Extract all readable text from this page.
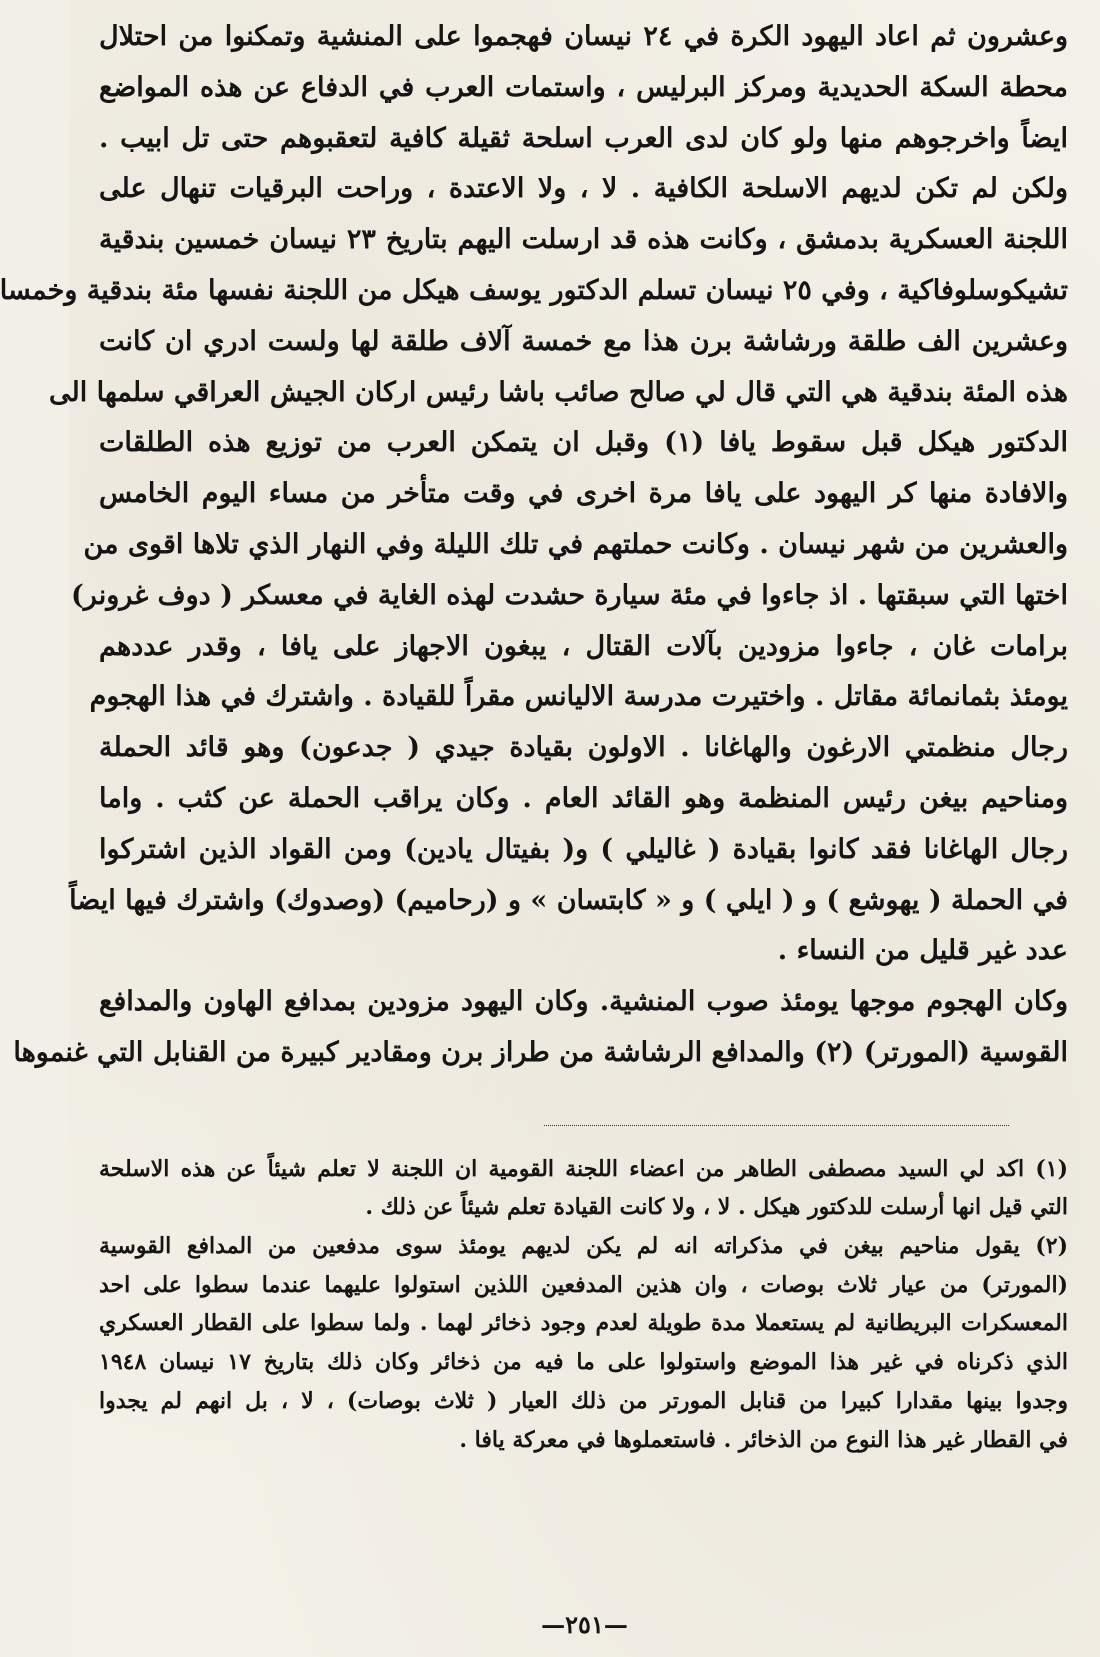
وعشرون ثم اعاد اليهود الكرة في ٢٤ نيسان فهجموا على المنشية وتمكنوا من احتلال
محطة السكة الحديدية ومركز البرليس ، واستمات العرب في الدفاع عن هذه المواضع
ايضاً واخرجوهم منها ولو كان لدى العرب اسلحة ثقيلة كافية لتعقبوهم حتى تل ابيب .
ولكن لم تكن لديهم الاسلحة الكافية . لا ، ولا الاعتدة ، وراحت البرقيات تنهال على
اللجنة العسكرية بدمشق ، وكانت هذه قد ارسلت اليهم بتاريخ ٢٣ نيسان خمسين بندقية
تشيكوسلوفاكية ، وفي ٢٥ نيسان تسلم الدكتور يوسف هيكل من اللجنة نفسها مئة بندقية وخمسا
وعشرين الف طلقة ورشاشة برن هذا مع خمسة آلاف طلقة لها ولست ادري ان كانت
هذه المئة بندقية هي التي قال لي صالح صائب باشا رئيس اركان الجيش العراقي سلمها الى
الدكتور هيكل قبل سقوط يافا (١) وقبل ان يتمكن العرب من توزيع هذه الطلقات
والافادة منها كر اليهود على يافا مرة اخرى في وقت متأخر من مساء اليوم الخامس
والعشرين من شهر نيسان . وكانت حملتهم في تلك الليلة وفي النهار الذي تلاها اقوى من
اختها التي سبقتها . اذ جاءوا في مئة سيارة حشدت لهذه الغاية في معسكر ( دوف غرونر)
برامات غان ، جاءوا مزودين بآلات القتال ، يبغون الاجهاز على يافا ، وقدر عددهم
يومئذ بثمانمائة مقاتل . واختيرت مدرسة الاليانس مقراً للقيادة . واشترك في هذا الهجوم
رجال منظمتي الارغون والهاغانا . الاولون بقيادة جيدي ( جدعون) وهو قائد الحملة
ومناحيم بيغن رئيس المنظمة وهو القائد العام . وكان يراقب الحملة عن كثب . واما
رجال الهاغانا فقد كانوا بقيادة ( غاليلي ) و( بفيتال يادين) ومن القواد الذين اشتركوا
في الحملة ( يهوشع ) و ( ايلي ) و « كابتسان » و (رحاميم) (وصدوك) واشترك فيها ايضاً
عدد غير قليل من النساء .
وكان الهجوم موجها يومئذ صوب المنشية. وكان اليهود مزودين بمدافع الهاون والمدافع
القوسية (المورتر) (٢) والمدافع الرشاشة من طراز برن ومقادير كبيرة من القنابل التي غنموها
(١) اكد لي السيد مصطفى الطاهر من اعضاء اللجنة القومية ان اللجنة لا تعلم شيئاً عن هذه الاسلحة
التي قيل انها أرسلت للدكتور هيكل . لا ، ولا كانت القيادة تعلم شيئاً عن ذلك .
(٢) يقول مناحيم بيغن في مذكراته انه لم يكن لديهم يومئذ سوى مدفعين من المدافع القوسية
(المورتر) من عيار ثلاث بوصات ، وان هذين المدفعين اللذين استولوا عليهما عندما سطوا على احد
المعسكرات البريطانية لم يستعملا مدة طويلة لعدم وجود ذخائر لهما . ولما سطوا على القطار العسكري
الذي ذكرناه في غير هذا الموضع واستولوا على ما فيه من ذخائر وكان ذلك بتاريخ ١٧ نيسان ١٩٤٨
وجدوا بينها مقدارا كبيرا من قنابل المورتر من ذلك العيار ( ثلاث بوصات) ، لا ، بل انهم لم يجدوا
في القطار غير هذا النوع من الذخائر . فاستعملوها في معركة يافا .
—٢٥١—
